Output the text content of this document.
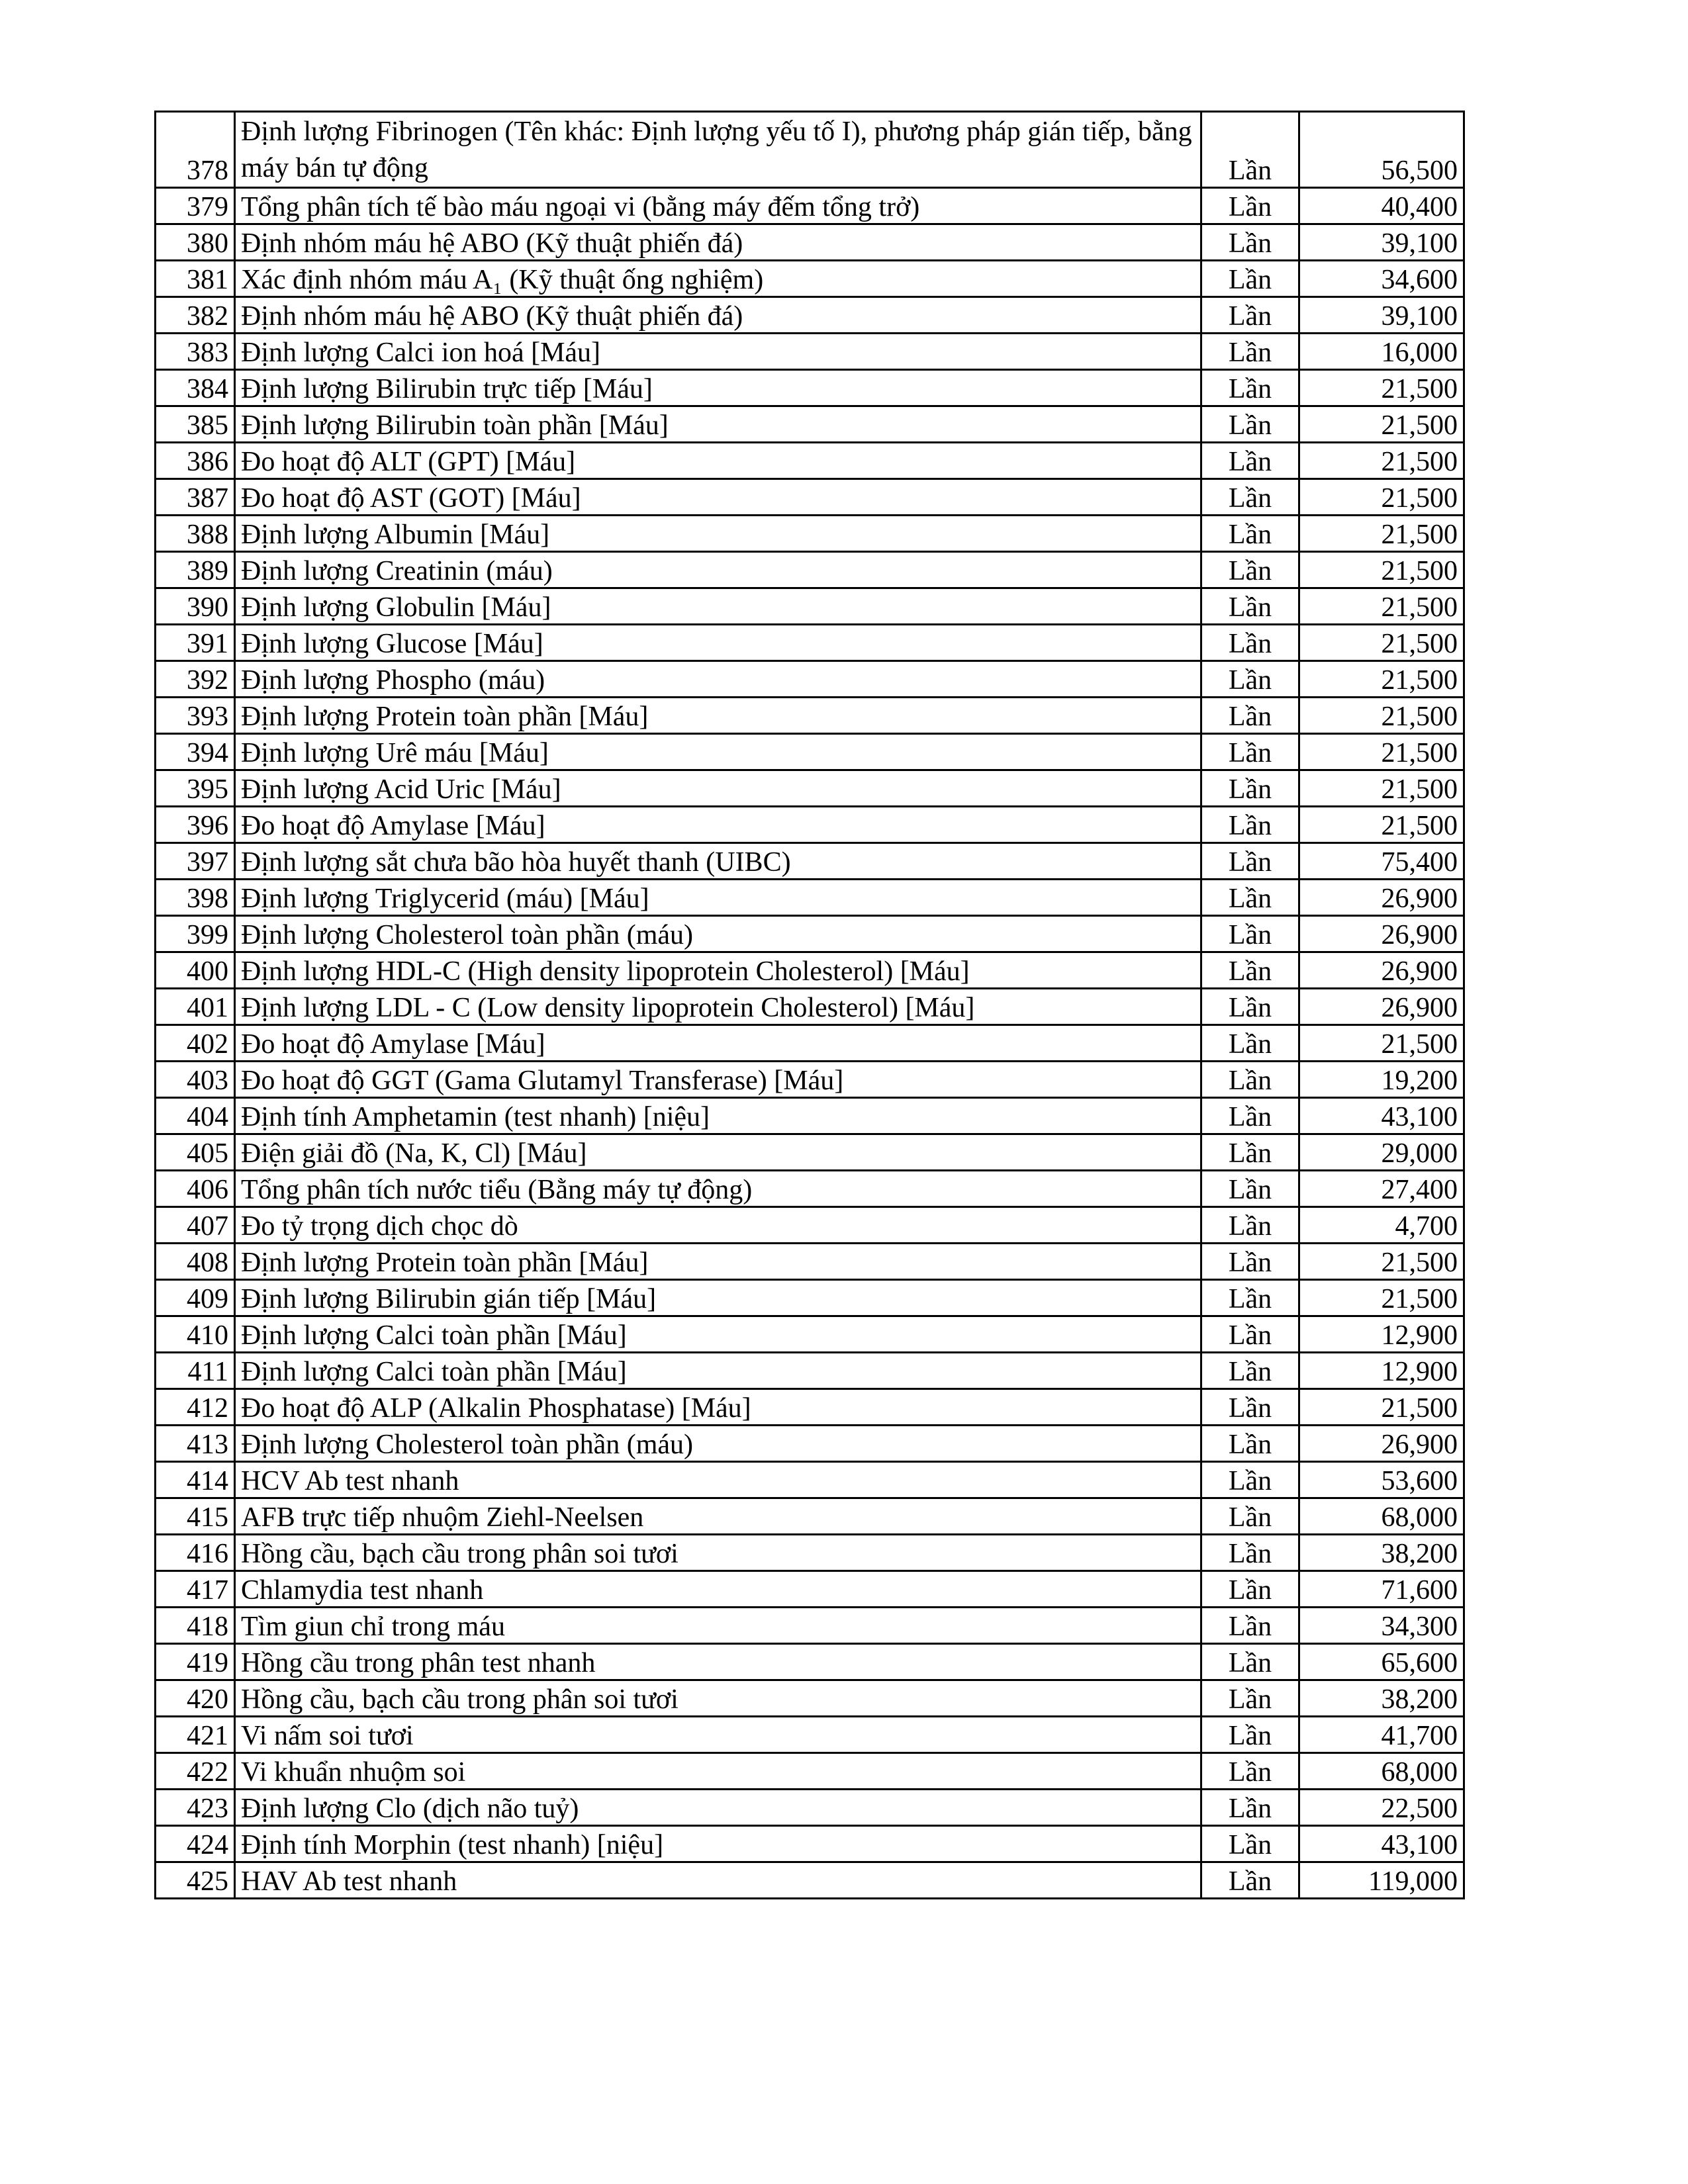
378	Định lượng Fibrinogen (Tên khác: Định lượng yếu tố I), phương pháp gián tiếp, bằng máy bán tự động	Lần	56,500
379	Tổng phân tích tế bào máu ngoại vi (bằng máy đếm tổng trở)	Lần	40,400
380	Định nhóm máu hệ ABO (Kỹ thuật phiến đá)	Lần	39,100
381	Xác định nhóm máu A₁ (Kỹ thuật ống nghiệm)	Lần	34,600
382	Định nhóm máu hệ ABO (Kỹ thuật phiến đá)	Lần	39,100
383	Định lượng Calci ion hoá [Máu]	Lần	16,000
384	Định lượng Bilirubin trực tiếp [Máu]	Lần	21,500
385	Định lượng Bilirubin toàn phần [Máu]	Lần	21,500
386	Đo hoạt độ ALT (GPT) [Máu]	Lần	21,500
387	Đo hoạt độ AST (GOT) [Máu]	Lần	21,500
388	Định lượng Albumin [Máu]	Lần	21,500
389	Định lượng Creatinin (máu)	Lần	21,500
390	Định lượng Globulin [Máu]	Lần	21,500
391	Định lượng Glucose [Máu]	Lần	21,500
392	Định lượng Phospho (máu)	Lần	21,500
393	Định lượng Protein toàn phần [Máu]	Lần	21,500
394	Định lượng Urê máu [Máu]	Lần	21,500
395	Định lượng Acid Uric [Máu]	Lần	21,500
396	Đo hoạt độ Amylase [Máu]	Lần	21,500
397	Định lượng sắt chưa bão hòa huyết thanh (UIBC)	Lần	75,400
398	Định lượng Triglycerid (máu) [Máu]	Lần	26,900
399	Định lượng Cholesterol toàn phần (máu)	Lần	26,900
400	Định lượng HDL-C (High density lipoprotein Cholesterol) [Máu]	Lần	26,900
401	Định lượng LDL - C (Low density lipoprotein Cholesterol) [Máu]	Lần	26,900
402	Đo hoạt độ Amylase [Máu]	Lần	21,500
403	Đo hoạt độ GGT (Gama Glutamyl Transferase) [Máu]	Lần	19,200
404	Định tính Amphetamin (test nhanh) [niệu]	Lần	43,100
405	Điện giải đồ (Na, K, Cl) [Máu]	Lần	29,000
406	Tổng phân tích nước tiểu (Bằng máy tự động)	Lần	27,400
407	Đo tỷ trọng dịch chọc dò	Lần	4,700
408	Định lượng Protein toàn phần [Máu]	Lần	21,500
409	Định lượng Bilirubin gián tiếp [Máu]	Lần	21,500
410	Định lượng Calci toàn phần [Máu]	Lần	12,900
411	Định lượng Calci toàn phần [Máu]	Lần	12,900
412	Đo hoạt độ ALP (Alkalin Phosphatase) [Máu]	Lần	21,500
413	Định lượng Cholesterol toàn phần (máu)	Lần	26,900
414	HCV Ab test nhanh	Lần	53,600
415	AFB trực tiếp nhuộm Ziehl-Neelsen	Lần	68,000
416	Hồng cầu, bạch cầu trong phân soi tươi	Lần	38,200
417	Chlamydia test nhanh	Lần	71,600
418	Tìm giun chỉ trong máu	Lần	34,300
419	Hồng cầu trong phân test nhanh	Lần	65,600
420	Hồng cầu, bạch cầu trong phân soi tươi	Lần	38,200
421	Vi nấm soi tươi	Lần	41,700
422	Vi khuẩn nhuộm soi	Lần	68,000
423	Định lượng Clo (dịch não tuỷ)	Lần	22,500
424	Định tính Morphin (test nhanh) [niệu]	Lần	43,100
425	HAV Ab test nhanh	Lần	119,000
